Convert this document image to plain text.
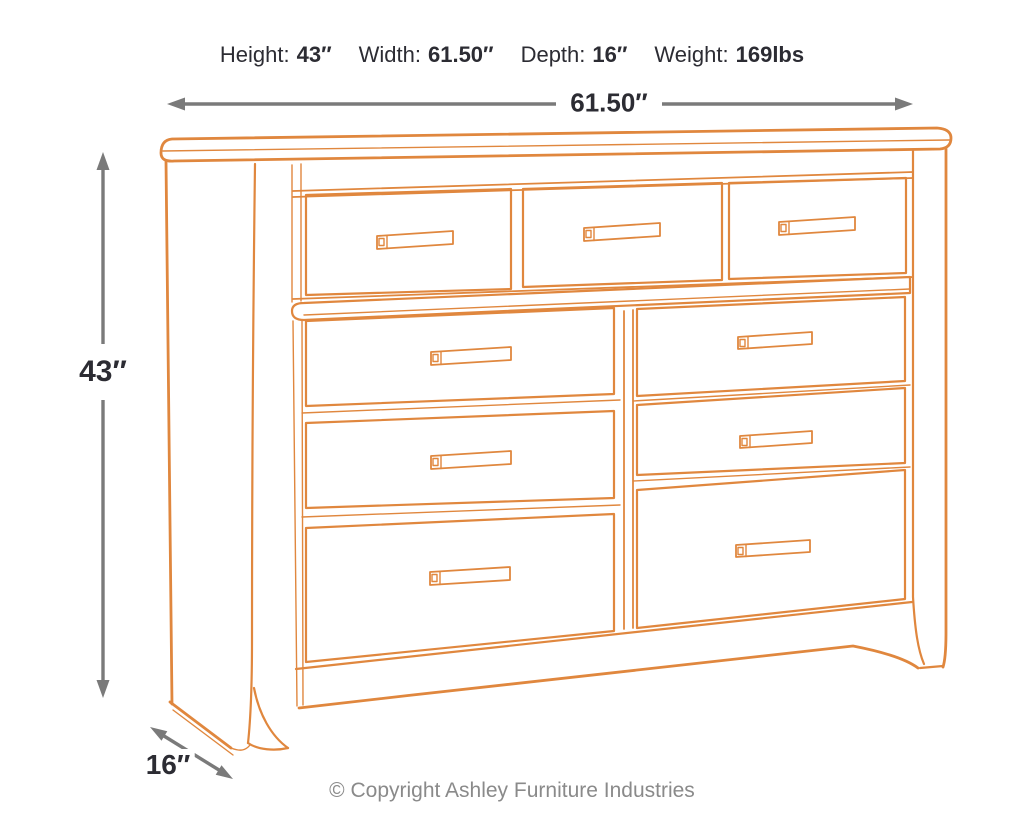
Height: 43″ Width: 61.50″ Depth: 16″ Weight: 169lbs
61.50″
43″
16″
© Copyright Ashley Furniture Industries
